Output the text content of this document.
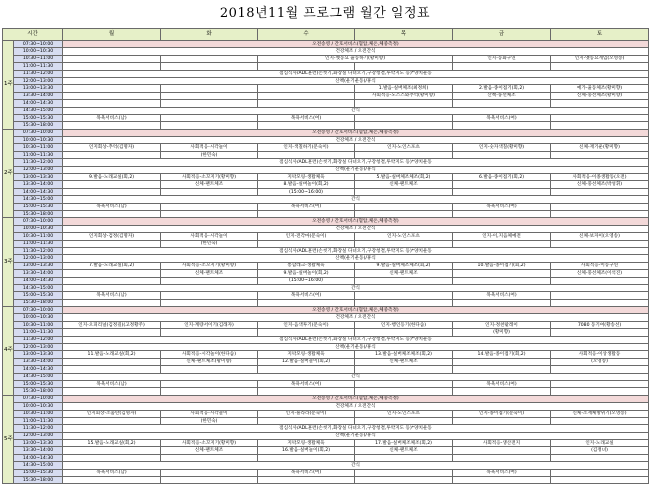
2018년11월 프로그램 월간 일정표
시간		월	화	수	목	금	토
1주	07:30~10:00	오전송영 / 간호서비스(혈압,체온,체중측정)					
	10:00~10:30	건강체조 / 오전간식					
	10:30~11:00			인지-옛동요 율동하기(황미향)		인지-동화구연	인지-옛동요게임(오영송)
	11:00~11:30						
	11:30~12:00	점심식사/ADL훈련(손씻기,화장실 다녀오기,구강청결,투약지도 등)*양치운동					
	12:00~13:00	산책(운기운동)/휴식					
	13:00~13:30				1.발음-실버체조(최정희)	2.발음-종이접기(회,2)	예가-율동체조(황미향)
	13:30~14:00				사회적응-노스스와추억(황미향)	산책-풍선체조	신체-풍선체조(황미향)
	14:00~14:30						
	14:30~15:00	간식					
	15:00~15:30	목욕서비스(남)		목욕서비스(여)		목욕서비스(여)	
	15:30~18:00						
2주	07:30~10:00	오전송영 / 간호서비스(혈압,체온,체중측정)					
	10:00~10:30	건강체조 / 오전간식					
	10:30~11:00	인지회상-추억(김명자)	사회적응-시각놀이	인지-색칠하기(문숙이)	인지-노인스포츠	인지-숫자색칠(황미향)	신체-재기운(황미향)
	11:00~11:30		(한민숙)				
	11:30~12:00	점심식사/ADL훈련(손씻기,화장실 다녀오기,구강청결,투약지도 등)*양치운동					
	12:00~13:00	산책(운기운동)/휴식					
	13:00~13:30	9.발음-노래교실(회,2)	사회적응-소꼬지기(황미향)	지팍모링-생활체육	5.발음-실버체조체조(회,2)	6.발음-종이접기(회,2)	사회적응-이종생활동(오전)
	13:30~14:00		신체-팬트체조	8.발음-실버놀이(회,2)	신체-팬트체조		신체-풍선체조(박성휘)
	14:00~14:30			(15:00~16:00)			
	14:30~15:00	간식					
	15:00~15:30	목욕서비스(남)		목욕서비스(여)		목욕서비스(여)	
	15:30~18:00						
3주	07:30~10:00	오전송영 / 간호서비스(혈압,체온,체중측정)					
	10:00~10:30	건강체조 / 오전간식					
	10:30~11:00	인지회상-검정(김명자)	사회적응-시각놀이	인지-전각마(문숙이)	인지-노인스포츠	인지-이,지음체예전	신체-보자이(오영송)
	11:00~11:30		(한민숙)				
	11:30~12:00	점심식사/ADL훈련(손씻기,화장실 다녀오기,구강청결,투약지도 등)*양치운동					
	12:00~13:00	산책(운기운동)/휴식					
	13:00~13:30	7.발음-노래교실(회,2)	사회적응-소꼬지기(황미향)	통합레크-생활체육	9.발음-실버체조체조(회,2)	10.발음-종이접기(회,2)	사회적응-이동구연
	13:30~14:00		신체-팬트체조	9.발음-실버놀이(회,2)	신체-팬트체조		신체-풍선체조(이석진)
	14:00~14:30			(15:00~16:00)			
	14:30~15:00	간식					
	15:00~15:30	목욕서비스(남)		목욕서비스(여)		목욕서비스(여)	
	15:30~18:00						
4주	07:30~10:00	오전송영 / 간호서비스(혈압,체온,체중측정)					
	10:00~10:30	건강체조 / 오전간식					
	10:30~11:00	인지-오피리널(김정길)(고정황주)	인지-계량서이기(김래자)	인지-음색투기(문숙이)	인지-행인등기(한다솜)	인지-정찬팥레이	7080 동기여(황송선)
	11:00~11:30					(황미향)	
	11:30~12:00	점심식사/ADL훈련(손씻기,화장실 다녀오기,구강청결,투약지도 등)*양치운동					
	12:00~13:00	산책(운기운동)/휴식					
	13:00~13:30	11.발음-노래교실(회,2)	사회적응-시각놀이(한다솜)	지팍모링-생활체육	13.발음-실버체조체조(회,2)	14.발음-종이접기(회,2)	사회적응-이상생활동
	13:30~14:00		신체-팬트체조(황미향)	12.발음-실버놀이(회,2)	신체-팬트체조		(오영송)
	14:00~14:30						
	14:30~15:00	간식					
	15:00~15:30	목욕서비스(남)		목욕서비스(여)		목욕서비스(여)	
	15:30~18:00						
5주	07:30~10:00	오전송영 / 간호서비스(혈압,체온,체중측정)					
	10:00~10:30	건강체조 / 오전간식					
	10:30~11:00	인지회상-소품탄(김명자)	사회적응-시각놀이	인지-풀라라(문숙이)	인지-노인스포츠	인지-종이접기(문숙이)	신체-소재체방위기(오영송)
	11:00~11:30		(한민숙)				
	11:30~12:00	점심식사/ADL훈련(손씻기,화장실 다녀오기,구강청결,투약지도 등)*양치운동					
	12:00~13:00	산책(운기운동)/휴식					
	13:00~13:30	15.발음-노래교실(회,2)	사회적응-소꼬지기(황미향)	지팍모링-생활체육	17.발음-실버체조체조(회,2)	사회적응-생산전지	인지-노래교실
	13:30~14:00		신체-팬트체조	16.발음-실버놀이(회,2)	신체-팬트체조		(김정녀)
	14:00~14:30						
	14:30~15:00	간식					
	15:00~15:30	목욕서비스(남)		목욕서비스(여)		목욕서비스(여)	
	15:30~18:00						
